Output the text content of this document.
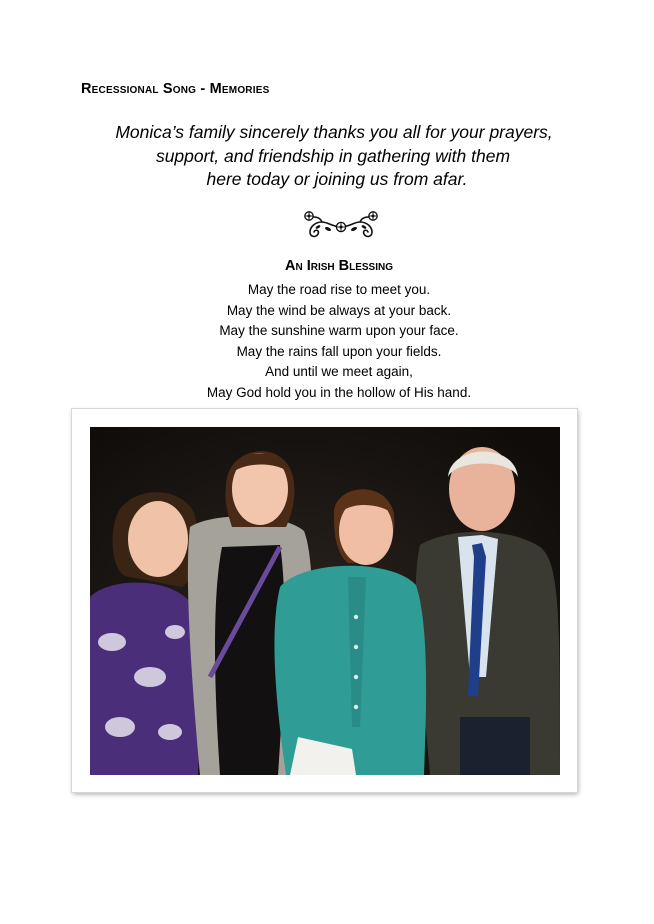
Recessional Song - Memories
Monica’s family sincerely thanks you all for your prayers,
support, and friendship in gathering with them
here today or joining us from afar.
An Irish Blessing
May the road rise to meet you.
May the wind be always at your back.
May the sunshine warm upon your face.
May the rains fall upon your fields.
And until we meet again,
May God hold you in the hollow of His hand.
